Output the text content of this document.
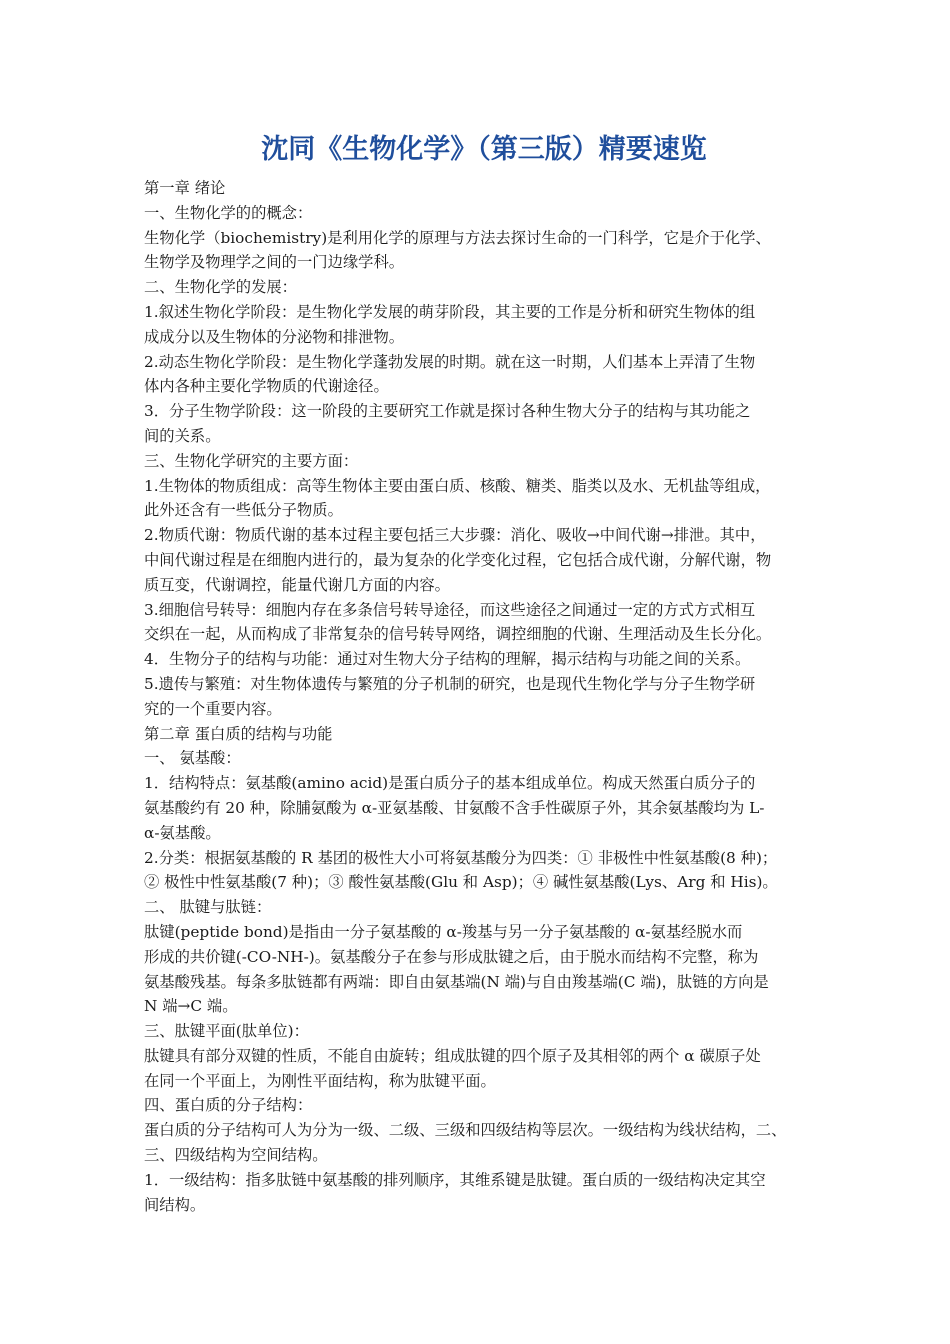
沈同《生物化学》（第三版）精要速览

第一章 绪论

一、生物化学的的概念：

生物化学（biochemistry)是利用化学的原理与方法去探讨生命的一门科学，它是介于化学、

生物学及物理学之间的一门边缘学科。

二、生物化学的发展：

1.叙述生物化学阶段：是生物化学发展的萌芽阶段，其主要的工作是分析和研究生物体的组

成成分以及生物体的分泌物和排泄物。

2.动态生物化学阶段：是生物化学蓬勃发展的时期。就在这一时期，人们基本上弄清了生物

体内各种主要化学物质的代谢途径。

3．分子生物学阶段：这一阶段的主要研究工作就是探讨各种生物大分子的结构与其功能之

间的关系。

三、生物化学研究的主要方面：

1.生物体的物质组成：高等生物体主要由蛋白质、核酸、糖类、脂类以及水、无机盐等组成，

此外还含有一些低分子物质。

2.物质代谢：物质代谢的基本过程主要包括三大步骤：消化、吸收→中间代谢→排泄。其中，

中间代谢过程是在细胞内进行的，最为复杂的化学变化过程，它包括合成代谢，分解代谢，物

质互变，代谢调控，能量代谢几方面的内容。

3.细胞信号转导：细胞内存在多条信号转导途径，而这些途径之间通过一定的方式方式相互

交织在一起，从而构成了非常复杂的信号转导网络，调控细胞的代谢、生理活动及生长分化。

4．生物分子的结构与功能：通过对生物大分子结构的理解，揭示结构与功能之间的关系。

5.遗传与繁殖：对生物体遗传与繁殖的分子机制的研究，也是现代生物化学与分子生物学研

究的一个重要内容。

第二章 蛋白质的结构与功能

一、 氨基酸：

1．结构特点：氨基酸(amino acid)是蛋白质分子的基本组成单位。构成天然蛋白质分子的

氨基酸约有 20 种，除脯氨酸为 α-亚氨基酸、甘氨酸不含手性碳原子外，其余氨基酸均为 L-

α-氨基酸。

2.分类：根据氨基酸的 R 基团的极性大小可将氨基酸分为四类：① 非极性中性氨基酸(8 种)；

② 极性中性氨基酸(7 种)；③ 酸性氨基酸(Glu 和 Asp)；④ 碱性氨基酸(Lys、Arg 和 His)。

二、 肽键与肽链：

肽键(peptide bond)是指由一分子氨基酸的 α-羧基与另一分子氨基酸的 α-氨基经脱水而

形成的共价键(-CO-NH-)。氨基酸分子在参与形成肽键之后，由于脱水而结构不完整，称为

氨基酸残基。每条多肽链都有两端：即自由氨基端(N 端)与自由羧基端(C 端)，肽链的方向是

N 端→C 端。

三、肽键平面(肽单位)：

肽键具有部分双键的性质，不能自由旋转；组成肽键的四个原子及其相邻的两个 α 碳原子处

在同一个平面上，为刚性平面结构，称为肽键平面。

四、蛋白质的分子结构：

蛋白质的分子结构可人为分为一级、二级、三级和四级结构等层次。一级结构为线状结构，二、

三、四级结构为空间结构。

1．一级结构：指多肽链中氨基酸的排列顺序，其维系键是肽键。蛋白质的一级结构决定其空

间结构。
